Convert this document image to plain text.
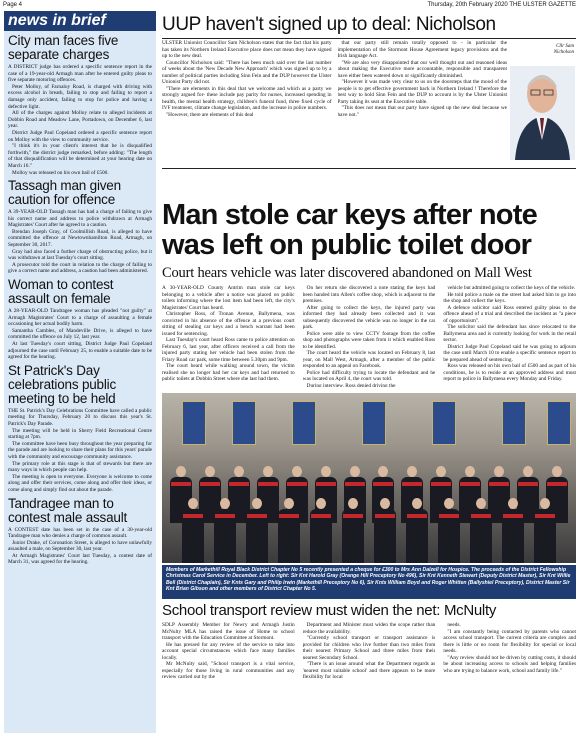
Page 4	Thursday, 20th February 2020 THE ULSTER GAZETTE
news in brief
City man faces five separate charges

A DISTRICT judge has ordered a specific sentence report in the case of a 19-year-old Armagh man after he entered guilty pleas to five separate motoring offences.

Peter Molloy, of Farnaloy Road, is charged with driving with excess alcohol in breath, failing to stop and failing to report a damage only accident, failing to stop for police and having a defective light.

All of the charges against Molloy relate to alleged incidents at Dobbin Road and Meadow Lane, Portadown, on December 6, last year.

District Judge Paul Copeland ordered a specific sentence report on Molloy with the view to community service.

"I think it's in your client's interest that he is disqualified forthwith," the district judge remarked, before adding: "The length of that disqualification will be determined at your hearing date on March 16."

Molloy was released on his own bail of £500.

Tassagh man given caution for offence

A 39-YEAR-OLD Tassagh man has had a charge of failing to give his correct name and address to police withdrawn at Armagh Magistrates' Court after he agreed to a caution.

Brendan Joseph Gray, of Coolmillish Road, is alleged to have committed the offence at Newtownhamilton Road, Armagh, on September 30, 2017.

Gray had also faced a further charge of obstructing police, but it was withdrawn at last Tuesday's court sitting.

A prosecutor told the court in relation to the charge of failing to give a correct name and address, a caution had been administered.

Woman to contest assault on female

A 28-YEAR-OLD Tandragee woman has pleaded "not guilty" at Armagh Magistrates' Court to a charge of assaulting a female occasioning her actual bodily harm.

Samantha Cambles, of Mandeville Drive, is alleged to have committed the offence on July 12, last year.

At last Tuesday's court sitting, District Judge Paul Copeland adjourned the case until February 25, to enable a suitable date to be agreed for the hearing.

St Patrick's Day celebrations public meeting to be held

THE St. Patrick's Day Celebrations Committee have called a public meeting for Thursday, February 20 to discuss this year's St. Patrick's Day Parade.

The meeting will be held in Sherry Field Recreational Centre starting at 7pm.

The committee have been busy throughout the year preparing for the parade and are looking to share their plans for this years' parade with the community and encourage community assistance.

The primary role at this stage is that of stewards but there are many ways in which people can help.

The meeting is open to everyone. Everyone is welcome to come along and offer their services, come along and offer their ideas, or come along and simply find out about the parade.

Tandragee man to contest male assault

A CONTEST date has been set in the case of a 30-year-old Tandragee man who denies a charge of common assault.

Junior Drake, of Coronation Street, is alleged to have unlawfully assaulted a male, on September 30, last year.

At Armagh Magistrates' Court last Tuesday, a contest date of March 31, was agreed for the hearing.

UUP haven't signed up to deal: Nicholson

ULSTER Unionist Councillor Sam Nicholson states that the fact that his party has taken its Northern Ireland Executive place does not mean they have signed up to the new deal.

Councillor Nicholson said: "There has been much said over the last number of weeks about the 'New Decade New Approach' which was signed up to by a number of political parties including Sinn Fein and the DUP however the Ulster Unionist Party did not.

"There are elements in this deal that we welcome and which as a party we strongly argued for- these include pay parity for nurses, increased spending in health, the mental health strategy, children's funeral fund, three fixed cycle of IVF treatment, climate change legislation, and the increase in police numbers.

"However, there are elements of this deal

that our party still remain totally opposed to - in particular the implementation of the Stormont House Agreement legacy provisions and the Irish language Act.

"We are also very disappointed that our well thought out and reasoned ideas about making the Executive more accountable, responsible and transparent have either been watered down or significantly diminished.

"However it was made very clear to us on the doorsteps that the mood of the people is to get effective government back in Northern Ireland ! Therefore the best way to hold Sinn Fein and the DUP to account is by the Ulster Unionist Party taking its seat at the Executive table.

"This does not mean that our party have signed up the new deal because we have not."

Cllr Sam Nicholson
Man stole car keys after note was left on public toilet door
Court hears vehicle was later discovered abandoned on Mall West

A 30-YEAR-OLD County Antrim man stole car keys belonging to a vehicle after a notice was placed on public toilets informing where the lost item had been left, the city's Magistrates' Court has heard.

Christopher Ross, of Tronan Avenue, Ballymena, was convicted in his absence of the offence at a previous court sitting of stealing car keys and a bench warrant had been issued for sentencing.

Last Tuesday's court heard Ross came to police attention on February 6, last year, after officers received a call from the injured party stating her vehicle had been stolen from the Friary Road car park, some time between 5.30pm and 9pm.

The court heard while walking around town, the victim realised she no longer had her car keys and had returned to public toilets at Dobbin Street where she last had them.

On her return she discovered a note stating the keys had been handed into Allen's coffee shop, which is adjacent to the premises.

After going to collect the keys, the injured party was informed they had already been collected and it was subsequently discovered the vehicle was no longer in the car park.

Police were able to view CCTV footage from the coffee shop and photographs were taken from it which enabled Ross to be identified.

The court heard the vehicle was located on February 8, last year, on Mall West, Armagh, after a member of the public responded to an appeal on Facebook.

Police had difficulty trying to locate the defendant and he was located on April 4, the court was told.

During interview, Ross denied driving the

vehicle but admitted going to collect the keys of the vehicle.

He told police a male on the street had asked him to go into the shop and collect the keys.

A defence solicitor said Ross entered guilty pleas to the offence ahead of a trial and described the incident as "a piece of opportunism".

The solicitor said the defendant has since relocated to the Ballymena area and is currently looking for work in the retail sector.

District Judge Paul Copeland said he was going to adjourn the case until March 10 to enable a specific sentence report to be prepared ahead of sentencing.

Ross was released on his own bail of £500 and as part of his conditions, he is to reside at an approved address and must report to police in Ballymena every Monday and Friday.

Members of Markethill Royal Black District Chapter No 5 recently presented a cheque for £300 to Mrs Ann Dalzell for Hospice. The proceeds of the District Fellowship Christmas Carol Service in December. Left to right: Sir Knt Harold Gray (Orange Hill Preceptory No 496), Sir Knt Kenneth Stewart (Deputy District Master), Sir Knt Willie Bell (District Chaplain), Sir Knts Gary and Philip Irwin (Markethill Preceptory No 6), Sir Knts William Boyd and Roger Whitten (Ballyshiel Preceptory), District Master Sir Knt Brian Gibson and other members of District Chapter No 5.
School transport review must widen the net: McNulty

SDLP Assembly Member for Newry and Armagh Justin McNulty MLA has raised the issue of Home to school transport with the Education Committee at Stormont.

He has pressed for any review of the service to take into account special circumstances which face many families locally.

Mr McNulty said, "School transport is a vital service, especially for those living in rural communities and any review carried out by the

Department and Minister must widen the scope rather than reduce the availability.

"Currently school transport or transport assistance is provided for children who live further than two miles from their nearest Primary School and three miles from their nearest Secondary School.

"There is an issue around what the Department regards as 'nearest most suitable school' and there appears to be more flexibility for local

needs.

"I am constantly being contacted by parents who cannot access school transport. The current criteria are complex and there is little or no room for flexibility for special or local needs.

"Any review should not be driven by cutting costs, it should be about increasing access to schools and helping families who are trying to balance work, school and family life."
